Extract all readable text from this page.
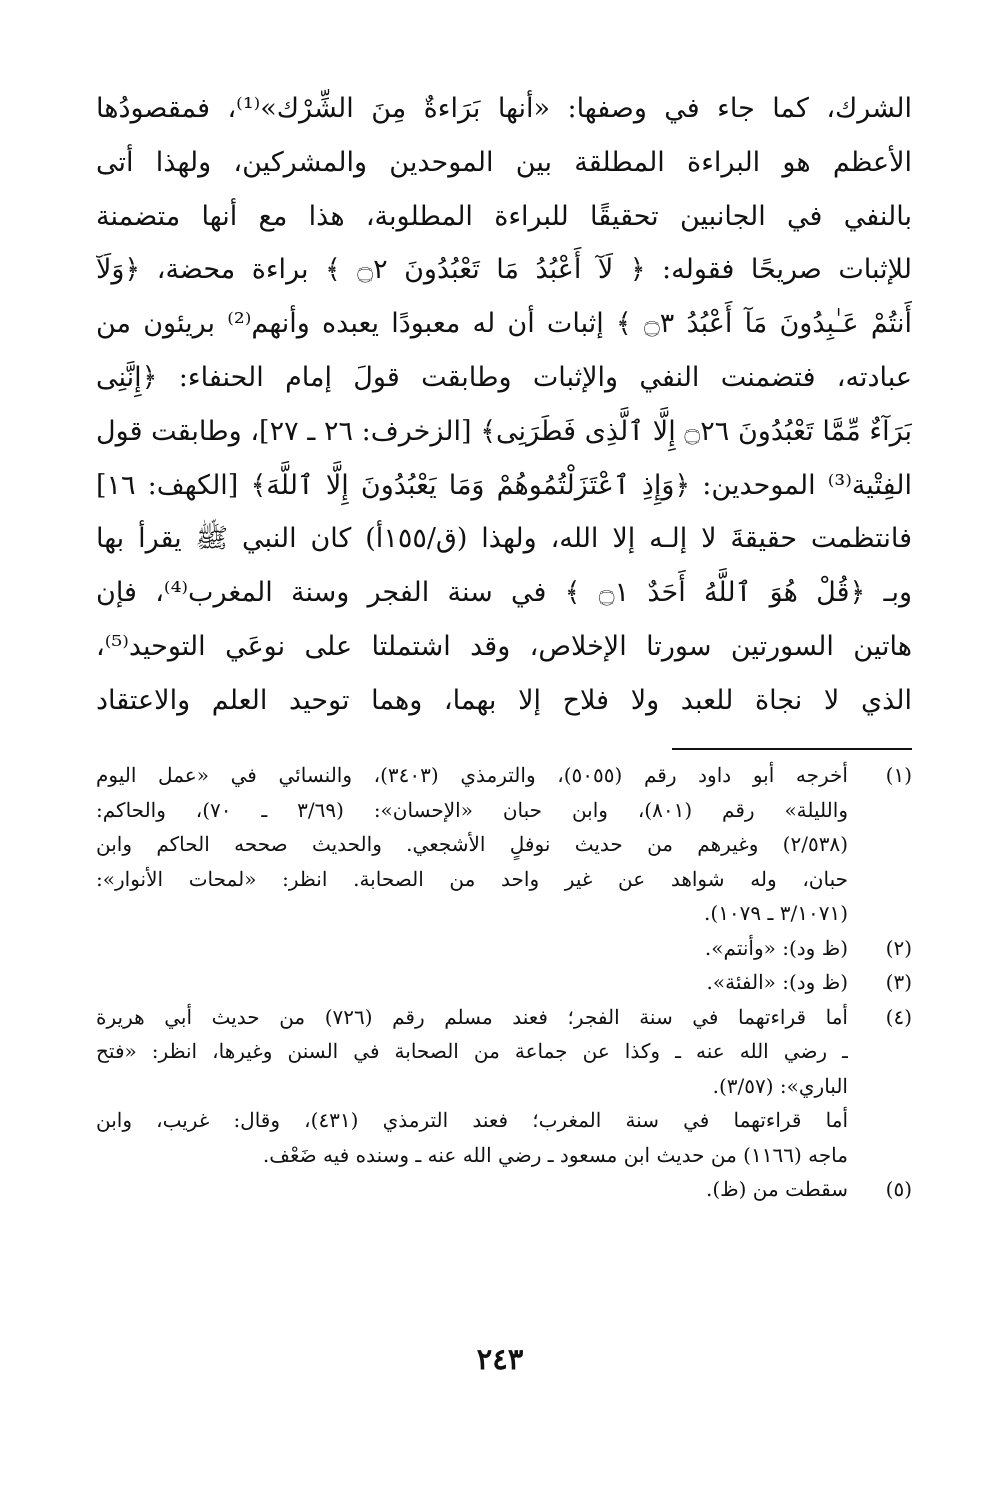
الشرك، كما جاء في وصفها: «أنها بَرَاءةٌ مِنَ الشِّرْك»⁽¹⁾، فمقصودُها
الأعظم هو البراءة المطلقة بين الموحدين والمشركين، ولهذا أتى
بالنفي في الجانبين تحقيقًا للبراءة المطلوبة، هذا مع أنها متضمنة
للإثبات صريحًا فقوله: ﴿ لَآ أَعْبُدُ مَا تَعْبُدُونَ ۝٢ ﴾ براءة محضة، ﴿وَلَآ
أَنتُمْ عَـٰبِدُونَ مَآ أَعْبُدُ ۝٣ ﴾ إثبات أن له معبودًا يعبده وأنهم⁽²⁾ بريئون من
عبادته، فتضمنت النفي والإثبات وطابقت قولَ إمام الحنفاء: ﴿إِنَّنِى
بَرَآءٌ مِّمَّا تَعْبُدُونَ ۝٢٦ إِلَّا ٱلَّذِى فَطَرَنِى﴾ [الزخرف: ٢٦ ـ ٢٧]، وطابقت قول
الفِتْية⁽³⁾ الموحدين: ﴿وَإِذِ ٱعْتَزَلْتُمُوهُمْ وَمَا يَعْبُدُونَ إِلَّا ٱللَّهَ﴾ [الكهف: ١٦]
فانتظمت حقيقةَ لا إلـه إلا الله، ولهذا (ق/١٥٥أ) كان النبي ﷺ يقرأ بها
وبـ ﴿قُلْ هُوَ ٱللَّهُ أَحَدٌ ۝١ ﴾ في سنة الفجر وسنة المغرب⁽⁴⁾، فإن
هاتين السورتين سورتا الإخلاص، وقد اشتملتا على نوعَي التوحيد⁽⁵⁾،
الذي لا نجاة للعبد ولا فلاح إلا بهما، وهما توحيد العلم والاعتقاد
(١)
أخرجه أبو داود رقم (٥٠٥٥)، والترمذي (٣٤٠٣)، والنسائي في «عمل اليوم
والليلة» رقم (٨٠١)، وابن حبان «الإحسان»: (٣/٦٩ ـ ٧٠)، والحاكم:
(٢/٥٣٨) وغيرهم من حديث نوفلٍ الأشجعي. والحديث صححه الحاكم وابن
حبان، وله شواهد عن غير واحد من الصحابة. انظر: «لمحات الأنوار»:
(٣/١٠٧١ ـ ١٠٧٩).
(٢)
(ظ ود): «وأنتم».
(٣)
(ظ ود): «الفئة».
(٤)
أما قراءتهما في سنة الفجر؛ فعند مسلم رقم (٧٢٦) من حديث أبي هريرة
ـ رضي الله عنه ـ وكذا عن جماعة من الصحابة في السنن وغيرها، انظر: «فتح
الباري»: (٣/٥٧).
أما قراءتهما في سنة المغرب؛ فعند الترمذي (٤٣١)، وقال: غريب، وابن
ماجه (١١٦٦) من حديث ابن مسعود ـ رضي الله عنه ـ وسنده فيه ضَعْف.
(٥)
سقطت من (ظ).
٢٤٣
